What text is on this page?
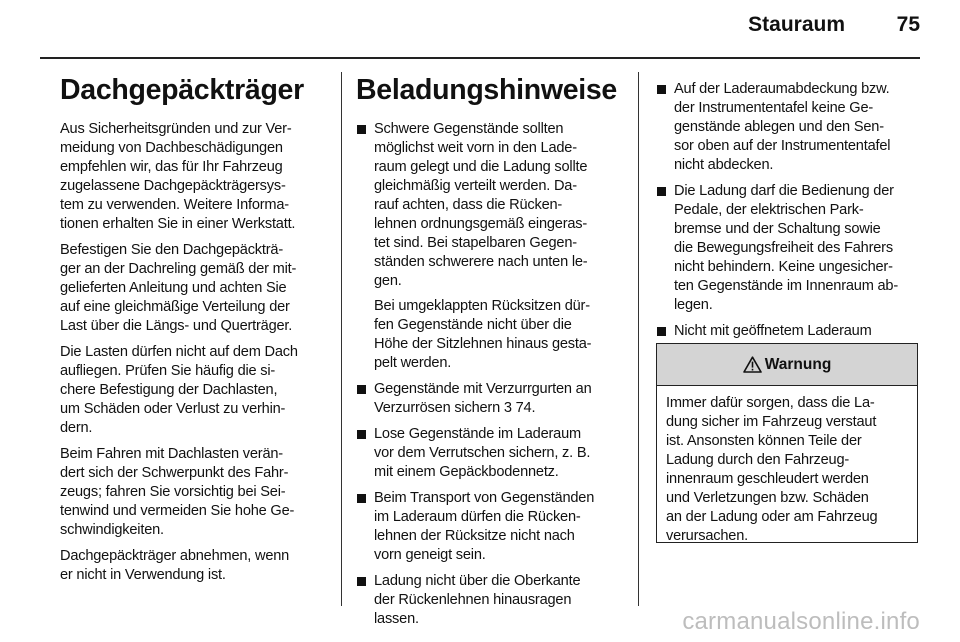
Stauraum 75
Dachgepäckträger

Aus Sicherheitsgründen und zur Ver-
meidung von Dachbeschädigungen
empfehlen wir, das für Ihr Fahrzeug
zugelassene Dachgepäckträgersys-
tem zu verwenden. Weitere Informa-
tionen erhalten Sie in einer Werkstatt.

Befestigen Sie den Dachgepäckträ-
ger an der Dachreling gemäß der mit-
gelieferten Anleitung und achten Sie
auf eine gleichmäßige Verteilung der
Last über die Längs- und Querträger.

Die Lasten dürfen nicht auf dem Dach
aufliegen. Prüfen Sie häufig die si-
chere Befestigung der Dachlasten,
um Schäden oder Verlust zu verhin-
dern.

Beim Fahren mit Dachlasten verän-
dert sich der Schwerpunkt des Fahr-
zeugs; fahren Sie vorsichtig bei Sei-
tenwind und vermeiden Sie hohe Ge-
schwindigkeiten.

Dachgepäckträger abnehmen, wenn
er nicht in Verwendung ist.

Beladungshinweise
Schwere Gegenstände sollten
möglichst weit vorn in den Lade-
raum gelegt und die Ladung sollte
gleichmäßig verteilt werden. Da-
rauf achten, dass die Rücken-
lehnen ordnungsgemäß eingeras-
tet sind. Bei stapelbaren Gegen-
ständen schwerere nach unten le-
gen.
Bei umgeklappten Rücksitzen dür-
fen Gegenstände nicht über die
Höhe der Sitzlehnen hinaus gesta-
pelt werden.
Gegenstände mit Verzurrgurten an
Verzurrösen sichern 3 74.
Lose Gegenstände im Laderaum
vor dem Verrutschen sichern, z. B.
mit einem Gepäckbodennetz.
Beim Transport von Gegenständen
im Laderaum dürfen die Rücken-
lehnen der Rücksitze nicht nach
vorn geneigt sein.
Ladung nicht über die Oberkante
der Rückenlehnen hinausragen
lassen.
Auf der Laderaumabdeckung bzw.
der Instrumententafel keine Ge-
genstände ablegen und den Sen-
sor oben auf der Instrumententafel
nicht abdecken.
Die Ladung darf die Bedienung der
Pedale, der elektrischen Park-
bremse und der Schaltung sowie
die Bewegungsfreiheit des Fahrers
nicht behindern. Keine ungesicher-
ten Gegenstände im Innenraum ab-
legen.
Nicht mit geöffnetem Laderaum

Warnung
Immer dafür sorgen, dass die La-
dung sicher im Fahrzeug verstaut
ist. Ansonsten können Teile der
Ladung durch den Fahrzeug-
innenraum geschleudert werden
und Verletzungen bzw. Schäden
an der Ladung oder am Fahrzeug
verursachen.
carmanualsonline.info
